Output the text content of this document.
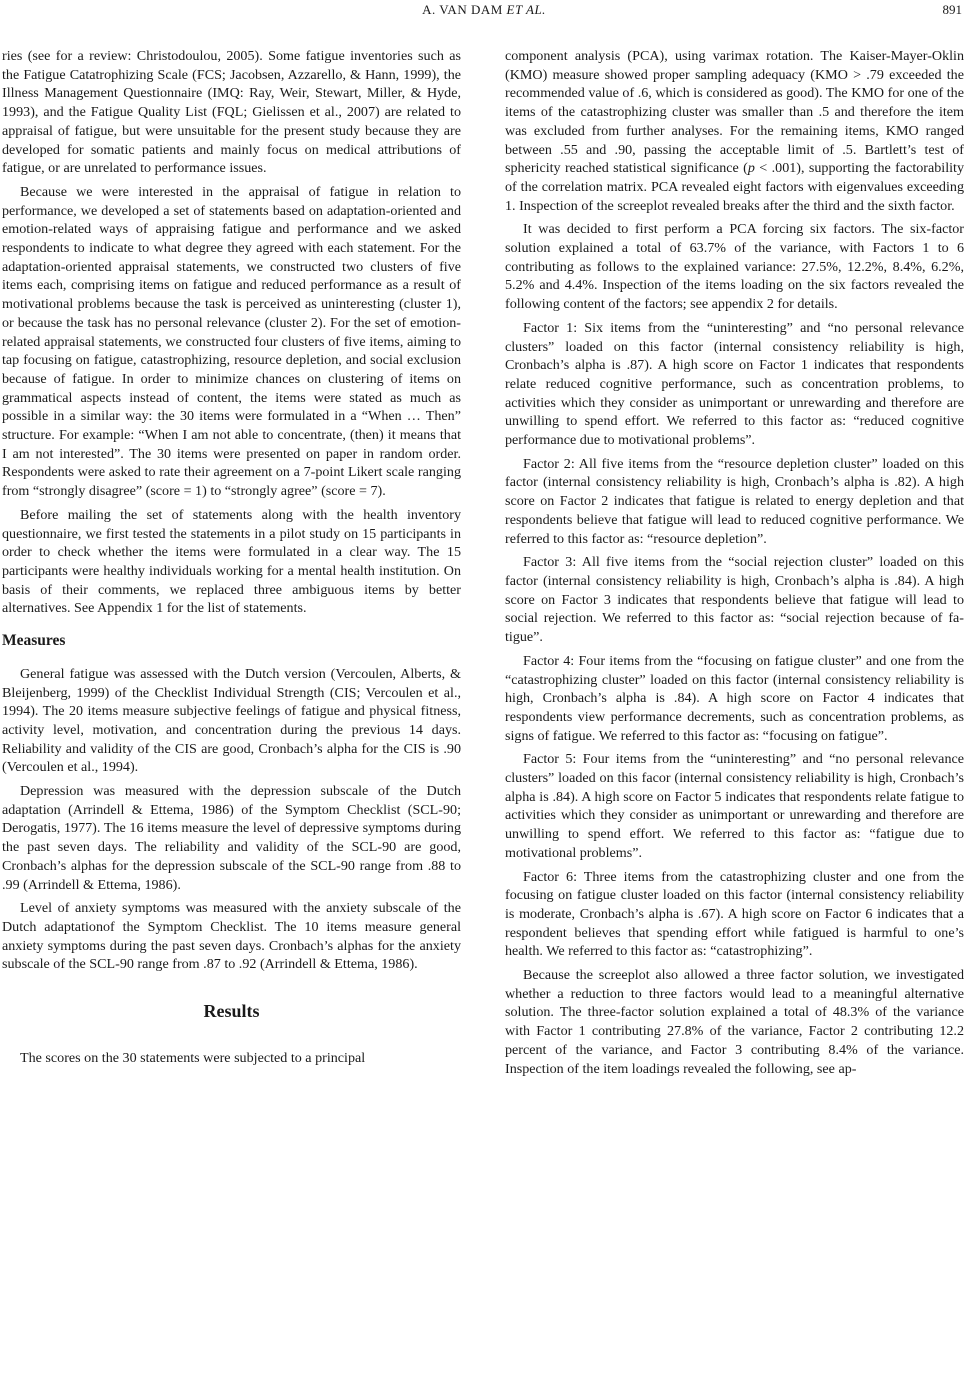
A. VAN DAM ET AL.	891

ries (see for a review: Christodoulou, 2005). Some fatigue inventories such as the Fatigue Catatrophizing Scale (FCS; Jacobsen, Azzarello, & Hann, 1999), the Illness Management Questionnaire (IMQ: Ray, Weir, Stewart, Miller, & Hyde, 1993), and the Fatigue Quality List (FQL; Gielissen et al., 2007) are related to appraisal of fatigue, but were unsuitable for the present study because they are developed for somatic patients and mainly focus on medical attributions of fatigue, or are unrelated to performance issues.

Because we were interested in the appraisal of fatigue in relation to performance, we developed a set of statements based on adaptation-oriented and emotion-related ways of appraising fatigue and performance and we asked respondents to indicate to what degree they agreed with each statement. For the adaptation-oriented appraisal statements, we constructed two clusters of five items each, comprising items on fatigue and reduced performance as a result of motivational problems because the task is perceived as uninteresting (cluster 1), or because the task has no personal relevance (cluster 2). For the set of emotion-related appraisal statements, we constructed four clusters of five items, aiming to tap focusing on fatigue, catastrophizing, resource depletion, and social exclusion because of fatigue. In order to minimize chances on clustering of items on grammatical aspects instead of content, the items were stated as much as possible in a similar way: the 30 items were formulated in a “When … Then” structure. For example: “When I am not able to concentrate, (then) it means that I am not interested”. The 30 items were presented on paper in random order. Respondents were asked to rate their agreement on a 7-point Likert scale ranging from “strongly disagree” (score = 1) to “strongly agree” (score = 7).

Before mailing the set of statements along with the health inventory questionnaire, we first tested the statements in a pilot study on 15 participants in order to check whether the items were formulated in a clear way. The 15 participants were healthy individuals working for a mental health institution. On basis of their comments, we replaced three ambiguous items by better alternatives. See Appendix 1 for the list of statements.

Measures

General fatigue was assessed with the Dutch version (Vercoulen, Alberts, & Bleijenberg, 1999) of the Checklist Individual Strength (CIS; Vercoulen et al., 1994). The 20 items measure subjective feelings of fatigue and physical fitness, activity level, motivation, and concentration during the previous 14 days. Reliability and validity of the CIS are good, Cronbach’s alpha for the CIS is .90 (Vercoulen et al., 1994).

Depression was measured with the depression subscale of the Dutch adaptation (Arrindell & Ettema, 1986) of the Symptom Checklist (SCL-90; Derogatis, 1977). The 16 items measure the level of depressive symptoms during the past seven days. The reliability and validity of the SCL-90 are good, Cronbach’s alphas for the depression subscale of the SCL-90 range from .88 to .99 (Arrindell & Ettema, 1986).

Level of anxiety symptoms was measured with the anxiety subscale of the Dutch adaptationof the Symptom Checklist. The 10 items measure general anxiety symptoms during the past seven days. Cronbach’s alphas for the anxiety subscale of the SCL-90 range from .87 to .92 (Arrindell & Ettema, 1986).

Results

The scores on the 30 statements were subjected to a principal

component analysis (PCA), using varimax rotation. The Kaiser-Mayer-Oklin (KMO) measure showed proper sampling adequacy (KMO > .79 exceeded the recommended value of .6, which is considered as good). The KMO for one of the items of the catastrophizing cluster was smaller than .5 and therefore the item was excluded from further analyses. For the remaining items, KMO ranged between .55 and .90, passing the acceptable limit of .5. Bartlett’s test of sphericity reached statistical significance (p < .001), supporting the factorability of the correlation matrix. PCA revealed eight factors with eigenvalues exceeding 1. Inspection of the screeplot revealed breaks after the third and the sixth factor.

It was decided to first perform a PCA forcing six factors. The six-factor solution explained a total of 63.7% of the variance, with Factors 1 to 6 contributing as follows to the explained variance: 27.5%, 12.2%, 8.4%, 6.2%, 5.2% and 4.4%. Inspection of the items loading on the six factors revealed the following content of the factors; see appendix 2 for details.

Factor 1: Six items from the “uninteresting” and “no personal relevance clusters” loaded on this factor (internal consistency reliability is high, Cronbach’s alpha is .87). A high score on Factor 1 indicates that respondents relate reduced cognitive performance, such as concentration problems, to activities which they consider as unimportant or unrewarding and therefore are unwilling to spend effort. We referred to this factor as: “reduced cognitive performance due to motivational problems”.

Factor 2: All five items from the “resource depletion cluster” loaded on this factor (internal consistency reliability is high, Cronbach’s alpha is .82). A high score on Factor 2 indicates that fatigue is related to energy depletion and that respondents believe that fatigue will lead to reduced cognitive performance. We referred to this factor as: “resource depletion”.

Factor 3: All five items from the “social rejection cluster” loaded on this factor (internal consistency reliability is high, Cronbach’s alpha is .84). A high score on Factor 3 indicates that respondents believe that fatigue will lead to social rejection. We referred to this factor as: “social rejection because of fatigue”.

Factor 4: Four items from the “focusing on fatigue cluster” and one from the “catastrophizing cluster” loaded on this factor (internal consistency reliability is high, Cronbach’s alpha is .84). A high score on Factor 4 indicates that respondents view performance decrements, such as concentration problems, as signs of fatigue. We referred to this factor as: “focusing on fatigue”.

Factor 5: Four items from the “uninteresting” and “no personal relevance clusters” loaded on this facor (internal consistency reliability is high, Cronbach’s alpha is .84). A high score on Factor 5 indicates that respondents relate fatigue to activities which they consider as unimportant or unrewarding and therefore are unwilling to spend effort. We referred to this factor as: “fatigue due to motivational problems”.

Factor 6: Three items from the catastrophizing cluster and one from the focusing on fatigue cluster loaded on this factor (internal consistency reliability is moderate, Cronbach’s alpha is .67). A high score on Factor 6 indicates that a respondent believes that spending effort while fatigued is harmful to one’s health. We referred to this factor as: “catastrophizing”.

Because the screeplot also allowed a three factor solution, we investigated whether a reduction to three factors would lead to a meaningful alternative solution. The three-factor solution explained a total of 48.3% of the variance with Factor 1 contributing 27.8% of the variance, Factor 2 contributing 12.2 percent of the variance, and Factor 3 contributing 8.4% of the variance. Inspection of the item loadings revealed the following, see ap-
